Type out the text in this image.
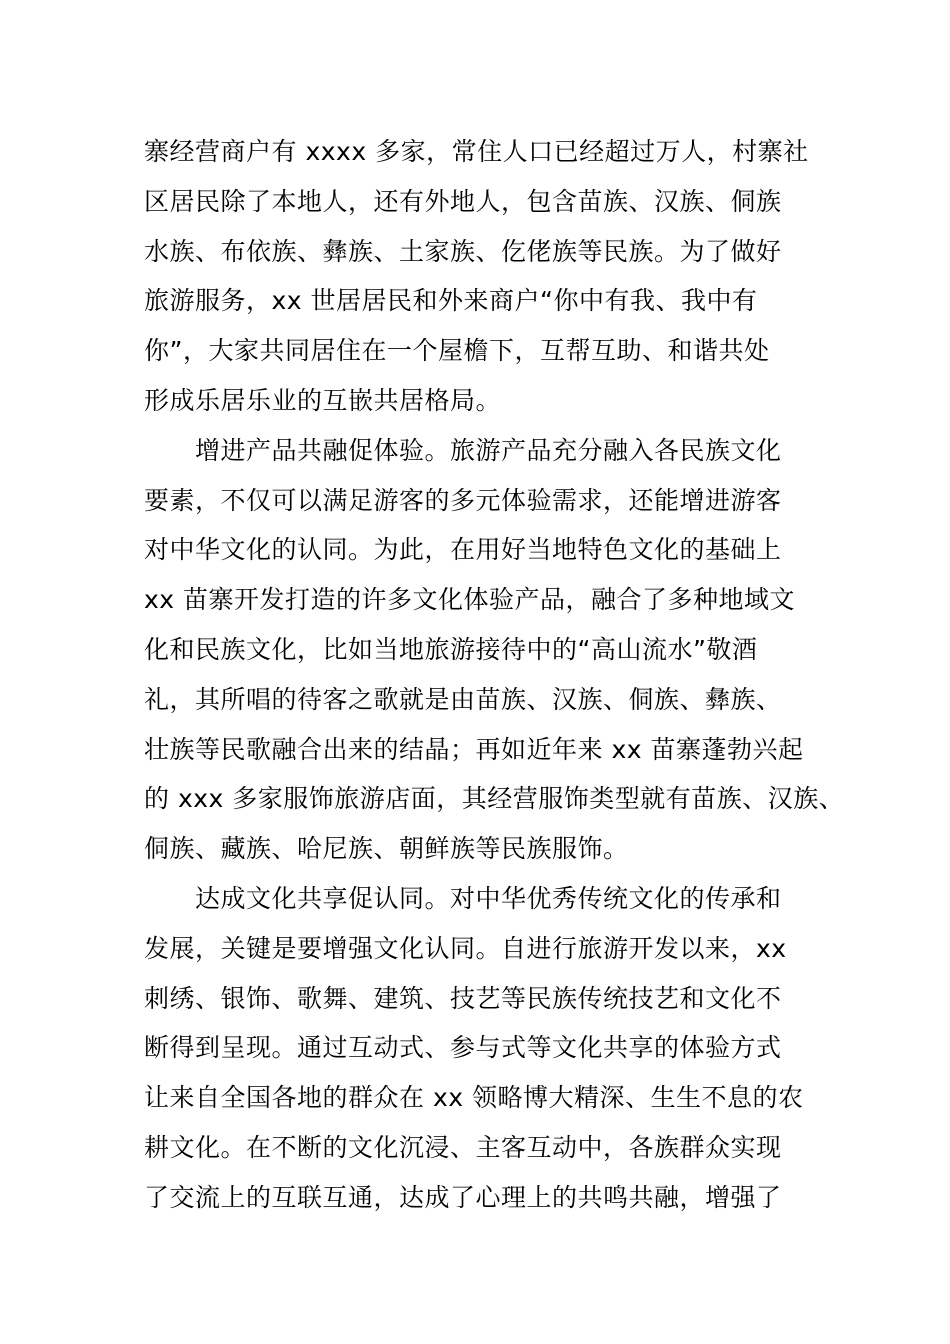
寨经营商户有 xxxx 多家，常住人口已经超过万人，村寨社
区居民除了本地人，还有外地人，包含苗族、汉族、侗族
水族、布依族、彝族、土家族、仡佬族等民族。为了做好
旅游服务，xx 世居居民和外来商户“你中有我、我中有
你”，大家共同居住在一个屋檐下，互帮互助、和谐共处
形成乐居乐业的互嵌共居格局。
增进产品共融促体验。旅游产品充分融入各民族文化
要素，不仅可以满足游客的多元体验需求，还能增进游客
对中华文化的认同。为此，在用好当地特色文化的基础上
xx 苗寨开发打造的许多文化体验产品，融合了多种地域文
化和民族文化，比如当地旅游接待中的“高山流水”敬酒
礼，其所唱的待客之歌就是由苗族、汉族、侗族、彝族、
壮族等民歌融合出来的结晶；再如近年来 xx 苗寨蓬勃兴起
的 xxx 多家服饰旅游店面，其经营服饰类型就有苗族、汉族、
侗族、藏族、哈尼族、朝鲜族等民族服饰。
达成文化共享促认同。对中华优秀传统文化的传承和
发展，关键是要增强文化认同。自进行旅游开发以来，xx
刺绣、银饰、歌舞、建筑、技艺等民族传统技艺和文化不
断得到呈现。通过互动式、参与式等文化共享的体验方式
让来自全国各地的群众在 xx 领略博大精深、生生不息的农
耕文化。在不断的文化沉浸、主客互动中，各族群众实现
了交流上的互联互通，达成了心理上的共鸣共融，增强了
